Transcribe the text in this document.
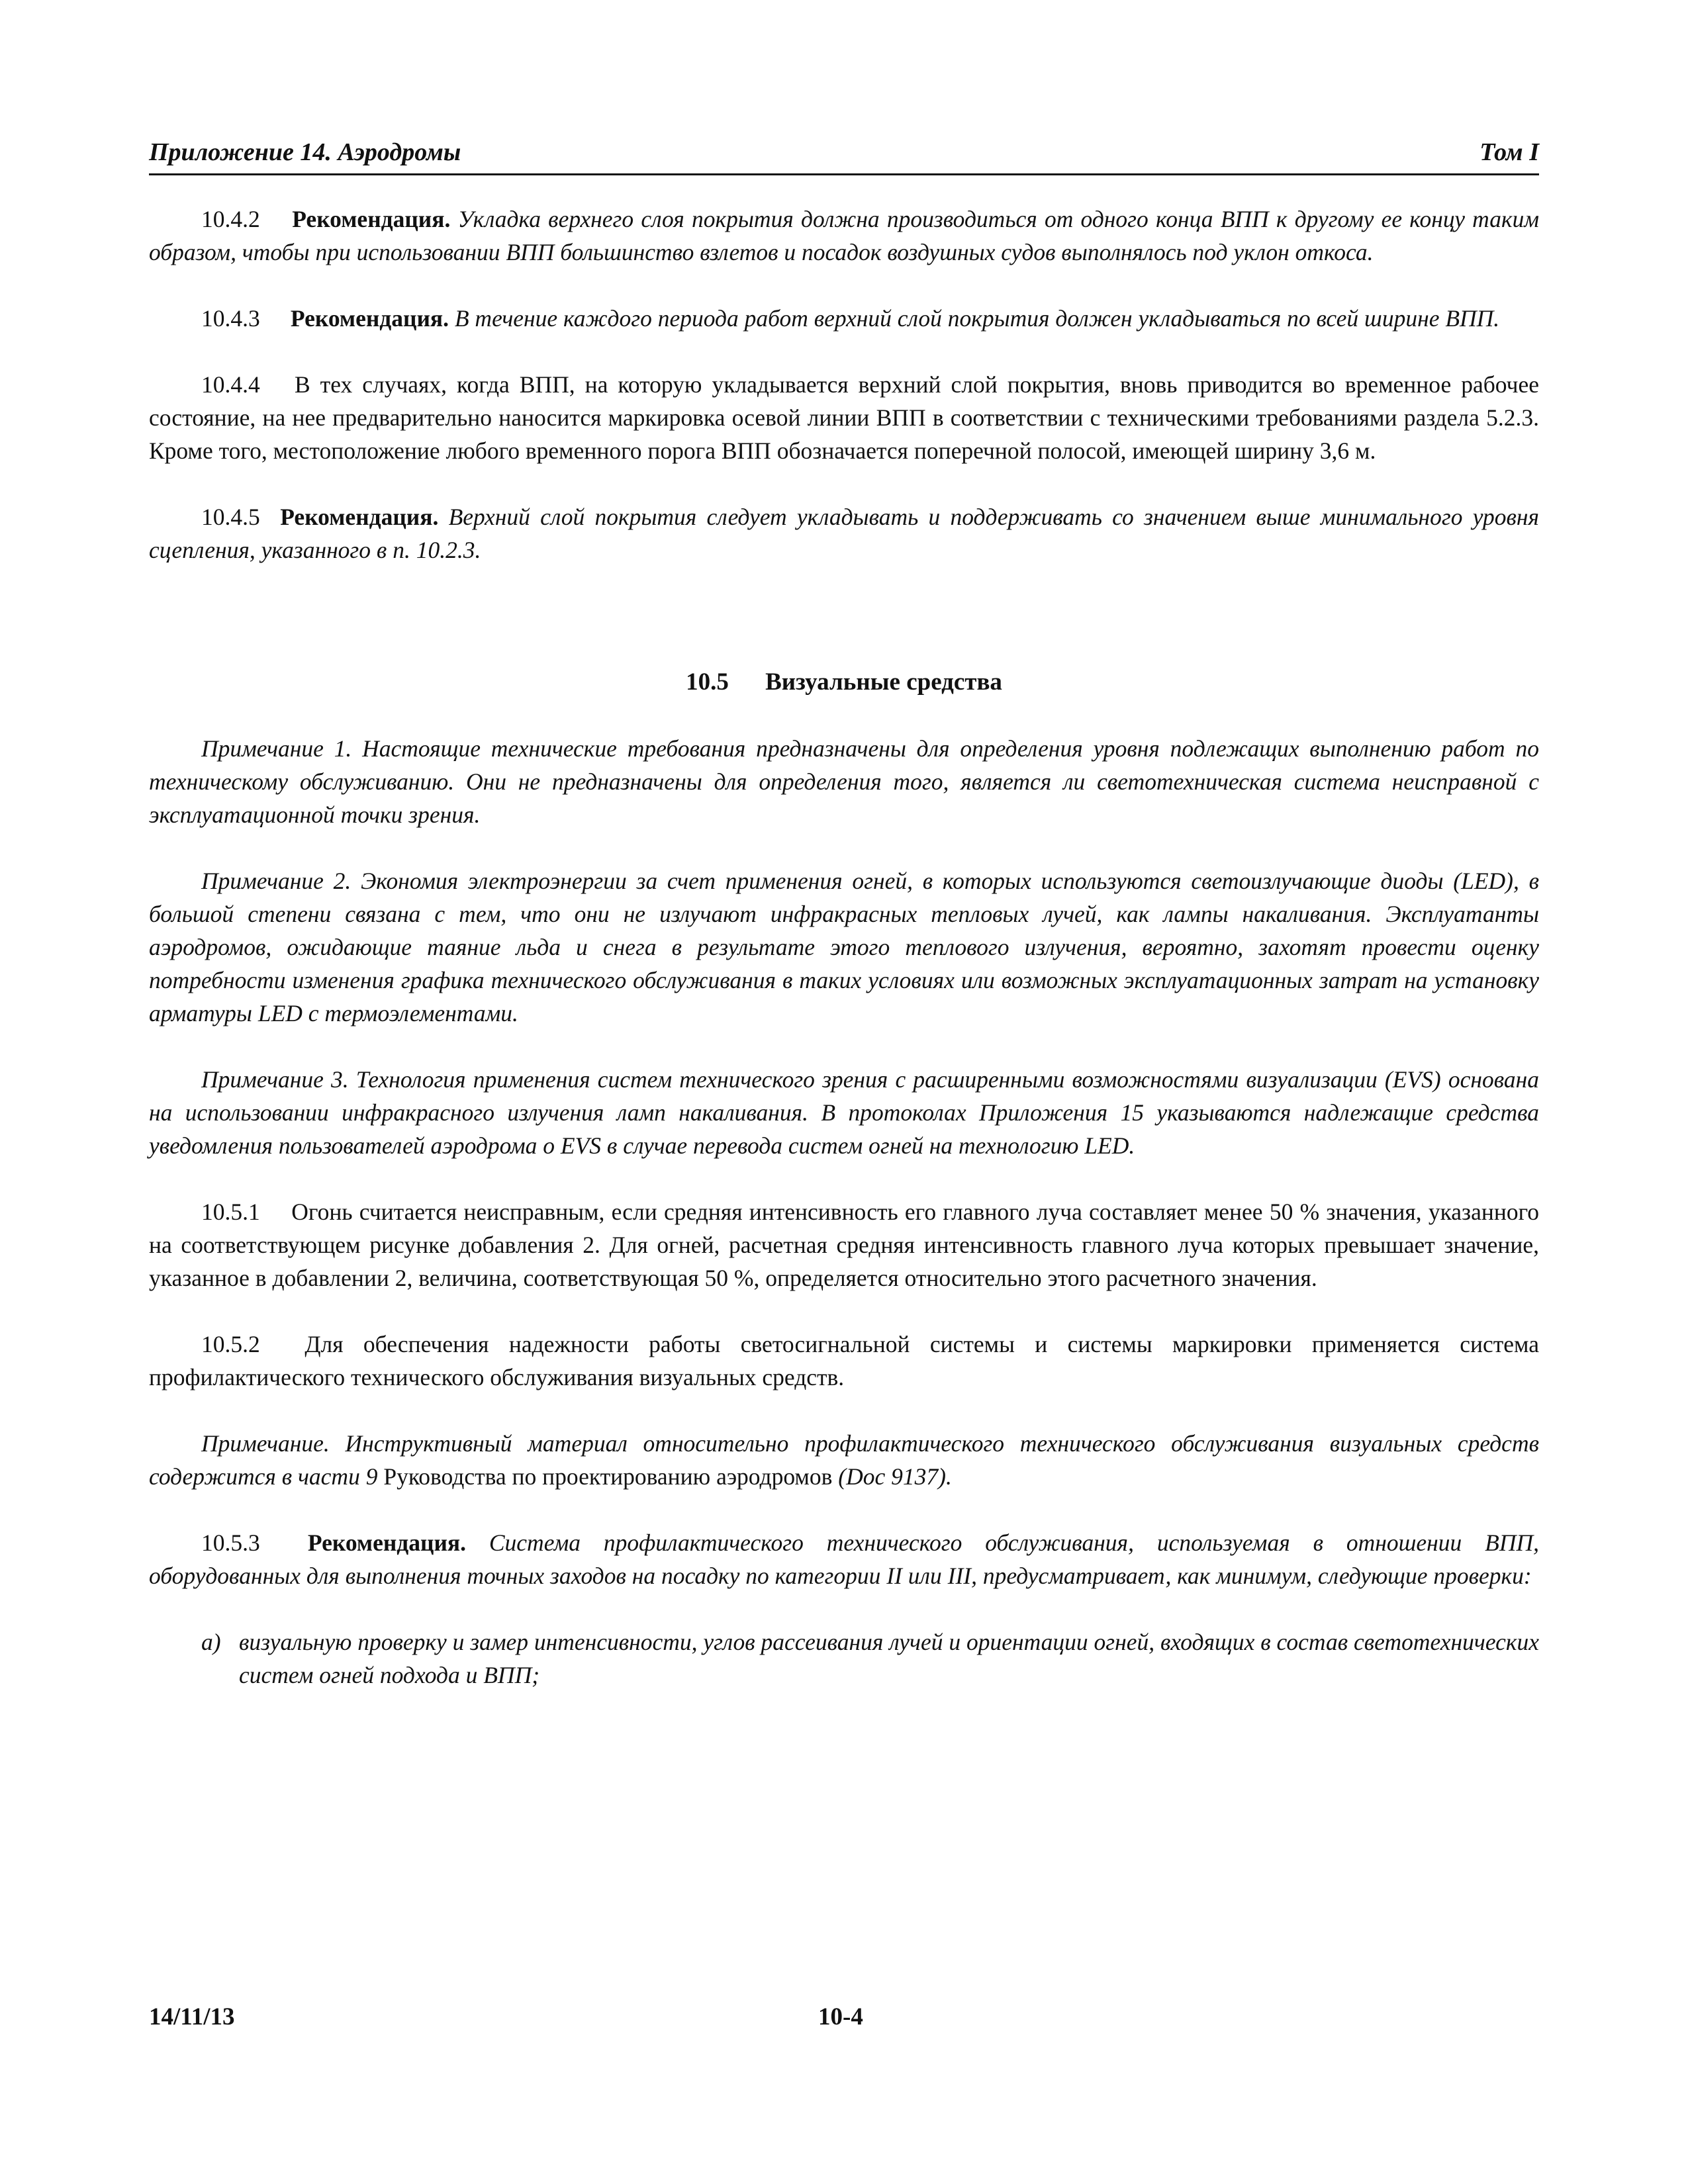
Приложение 14. Аэродромы	Том I

10.4.2 Рекомендация. Укладка верхнего слоя покрытия должна производиться от одного конца ВПП к другому ее концу таким образом, чтобы при использовании ВПП большинство взлетов и посадок воздушных судов выполнялось под уклон откоса.

10.4.3 Рекомендация. В течение каждого периода работ верхний слой покрытия должен укладываться по всей ширине ВПП.

10.4.4 В тех случаях, когда ВПП, на которую укладывается верхний слой покрытия, вновь приводится во временное рабочее состояние, на нее предварительно наносится маркировка осевой линии ВПП в соответствии с техническими требованиями раздела 5.2.3. Кроме того, местоположение любого временного порога ВПП обозначается поперечной полосой, имеющей ширину 3,6 м.

10.4.5 Рекомендация. Верхний слой покрытия следует укладывать и поддерживать со значением выше минимального уровня сцепления, указанного в п. 10.2.3.

10.5 Визуальные средства

Примечание 1. Настоящие технические требования предназначены для определения уровня подлежащих выполнению работ по техническому обслуживанию. Они не предназначены для определения того, является ли светотехническая система неисправной с эксплуатационной точки зрения.

Примечание 2. Экономия электроэнергии за счет применения огней, в которых используются светоизлучающие диоды (LED), в большой степени связана с тем, что они не излучают инфракрасных тепловых лучей, как лампы накаливания. Эксплуатанты аэродромов, ожидающие таяние льда и снега в результате этого теплового излучения, вероятно, захотят провести оценку потребности изменения графика технического обслуживания в таких условиях или возможных эксплуатационных затрат на установку арматуры LED с термоэлементами.

Примечание 3. Технология применения систем технического зрения с расширенными возможностями визуализации (EVS) основана на использовании инфракрасного излучения ламп накаливания. В протоколах Приложения 15 указываются надлежащие средства уведомления пользователей аэродрома о EVS в случае перевода систем огней на технологию LED.

10.5.1 Огонь считается неисправным, если средняя интенсивность его главного луча составляет менее 50 % значения, указанного на соответствующем рисунке добавления 2. Для огней, расчетная средняя интенсивность главного луча которых превышает значение, указанное в добавлении 2, величина, соответствующая 50 %, определяется относительно этого расчетного значения.

10.5.2 Для обеспечения надежности работы светосигнальной системы и системы маркировки применяется система профилактического технического обслуживания визуальных средств.

Примечание. Инструктивный материал относительно профилактического технического обслуживания визуальных средств содержится в части 9 Руководства по проектированию аэродромов (Doc 9137).

10.5.3 Рекомендация. Система профилактического технического обслуживания, используемая в отношении ВПП, оборудованных для выполнения точных заходов на посадку по категории II или III, предусматривает, как минимум, следующие проверки:

a) визуальную проверку и замер интенсивности, углов рассеивания лучей и ориентации огней, входящих в состав светотехнических систем огней подхода и ВПП;
14/11/13	10-4
